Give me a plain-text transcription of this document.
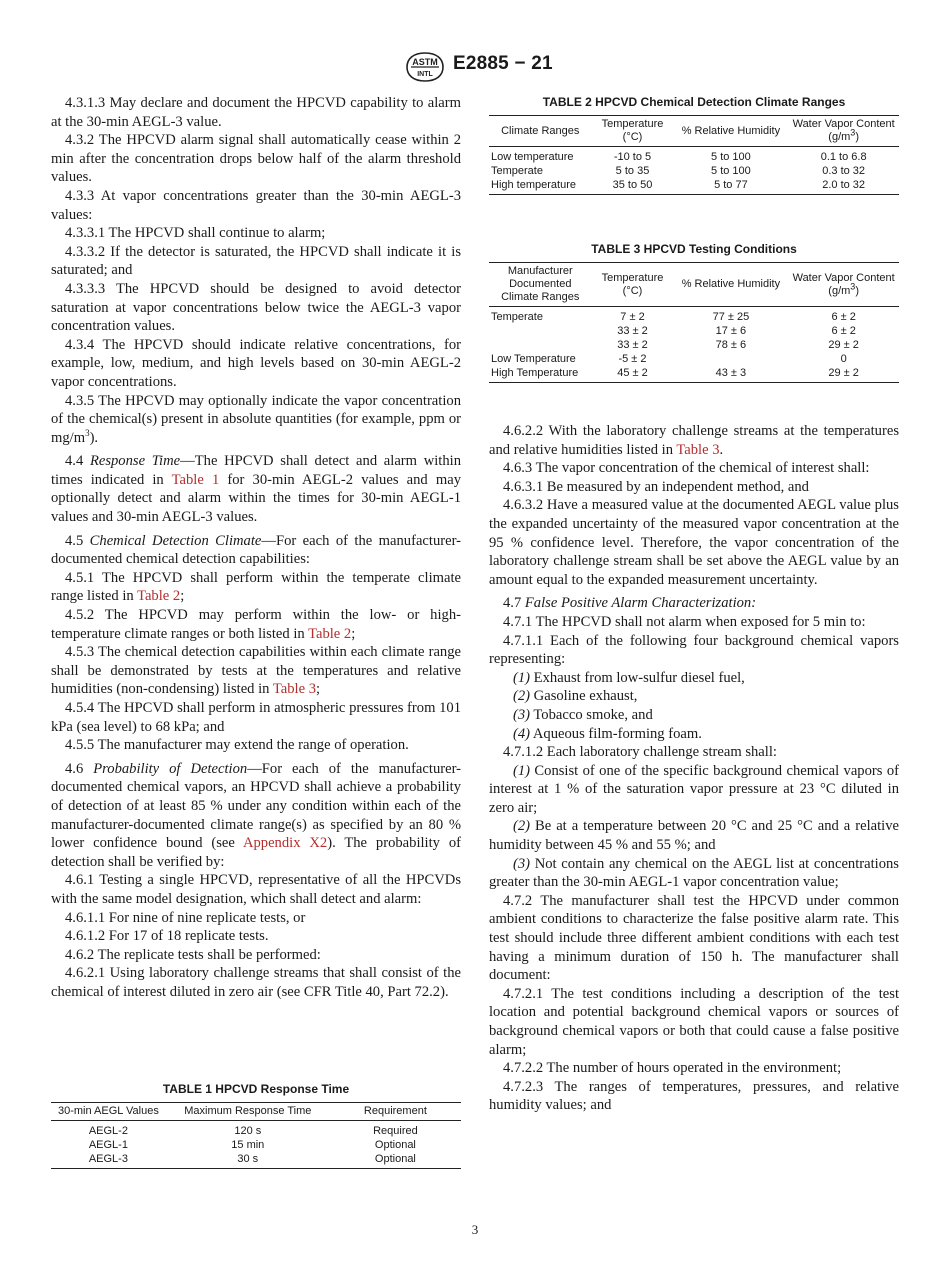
ASTM
INTL
E2885 − 21

4.3.1.3 May declare and document the HPCVD capability to alarm at the 30-min AEGL-3 value.

4.3.2 The HPCVD alarm signal shall automatically cease within 2 min after the concentration drops below half of the alarm threshold values.

4.3.3 At vapor concentrations greater than the 30-min AEGL-3 values:

4.3.3.1 The HPCVD shall continue to alarm;

4.3.3.2 If the detector is saturated, the HPCVD shall indicate it is saturated; and

4.3.3.3 The HPCVD should be designed to avoid detector saturation at vapor concentrations below twice the AEGL-3 vapor concentration values.

4.3.4 The HPCVD should indicate relative concentrations, for example, low, medium, and high levels based on 30-min AEGL-2 vapor concentrations.

4.3.5 The HPCVD may optionally indicate the vapor concentration of the chemical(s) present in absolute quantities (for example, ppm or $mg/m^3$).

4.4 Response Time—The HPCVD shall detect and alarm within times indicated in Table 1 for 30-min AEGL-2 values and may optionally detect and alarm within the times for 30-min AEGL-1 values and 30-min AEGL-3 values.

4.5 Chemical Detection Climate—For each of the manufacturer-documented chemical detection capabilities:

4.5.1 The HPCVD shall perform within the temperate climate range listed in Table 2;

4.5.2 The HPCVD may perform within the low- or high-temperature climate ranges or both listed in Table 2;

4.5.3 The chemical detection capabilities within each climate range shall be demonstrated by tests at the temperatures and relative humidities (non-condensing) listed in Table 3;

4.5.4 The HPCVD shall perform in atmospheric pressures from 101 kPa (sea level) to 68 kPa; and

4.5.5 The manufacturer may extend the range of operation.

4.6 Probability of Detection—For each of the manufacturer-documented chemical vapors, an HPCVD shall achieve a probability of detection of at least 85 % under any condition within each of the manufacturer-documented climate range(s) as specified by an 80 % lower confidence bound (see Appendix X2). The probability of detection shall be verified by:

4.6.1 Testing a single HPCVD, representative of all the HPCVDs with the same model designation, which shall detect and alarm:

4.6.1.1 For nine of nine replicate tests, or

4.6.1.2 For 17 of 18 replicate tests.

4.6.2 The replicate tests shall be performed:

4.6.2.1 Using laboratory challenge streams that shall consist of the chemical of interest diluted in zero air (see CFR Title 40, Part 72.2).

TABLE 1 HPCVD Response Time
30-min AEGL Values	Maximum Response Time	Requirement
AEGL-2	120 s	Required
AEGL-1	15 min	Optional
AEGL-3	30 s	Optional
TABLE 2 HPCVD Chemical Detection Climate Ranges
Climate Ranges	Temperature (°C)	% Relative Humidity	Water Vapor Content $(g/m^3)$
Low temperature	-10 to 5	5 to 100	0.1 to 6.8
Temperate	5 to 35	5 to 100	0.3 to 32
High temperature	35 to 50	5 to 77	2.0 to 32
TABLE 3 HPCVD Testing Conditions
Manufacturer Documented Climate Ranges	Temperature (°C)	% Relative Humidity	Water Vapor Content $(g/m^3)$
Temperate	7 ± 2	77 ± 25	6 ± 2
	33 ± 2	17 ± 6	6 ± 2
	33 ± 2	78 ± 6	29 ± 2
Low Temperature	-5 ± 2		0
High Temperature	45 ± 2	43 ± 3	29 ± 2

4.6.2.2 With the laboratory challenge streams at the temperatures and relative humidities listed in Table 3.

4.6.3 The vapor concentration of the chemical of interest shall:

4.6.3.1 Be measured by an independent method, and

4.6.3.2 Have a measured value at the documented AEGL value plus the expanded uncertainty of the measured vapor concentration at the 95 % confidence level. Therefore, the vapor concentration of the laboratory challenge stream shall be set above the AEGL value by an amount equal to the expanded measurement uncertainty.

4.7 False Positive Alarm Characterization:

4.7.1 The HPCVD shall not alarm when exposed for 5 min to:

4.7.1.1 Each of the following four background chemical vapors representing:

(1) Exhaust from low-sulfur diesel fuel,

(2) Gasoline exhaust,

(3) Tobacco smoke, and

(4) Aqueous film-forming foam.

4.7.1.2 Each laboratory challenge stream shall:

(1) Consist of one of the specific background chemical vapors of interest at 1 % of the saturation vapor pressure at 23 °C diluted in zero air;

(2) Be at a temperature between 20 °C and 25 °C and a relative humidity between 45 % and 55 %; and

(3) Not contain any chemical on the AEGL list at concentrations greater than the 30-min AEGL-1 vapor concentration value;

4.7.2 The manufacturer shall test the HPCVD under common ambient conditions to characterize the false positive alarm rate. This test should include three different ambient conditions with each test having a minimum duration of 150 h. The manufacturer shall document:

4.7.2.1 The test conditions including a description of the test location and potential background chemical vapors or sources of background chemical vapors or both that could cause a false positive alarm;

4.7.2.2 The number of hours operated in the environment;

4.7.2.3 The ranges of temperatures, pressures, and relative humidity values; and

3
